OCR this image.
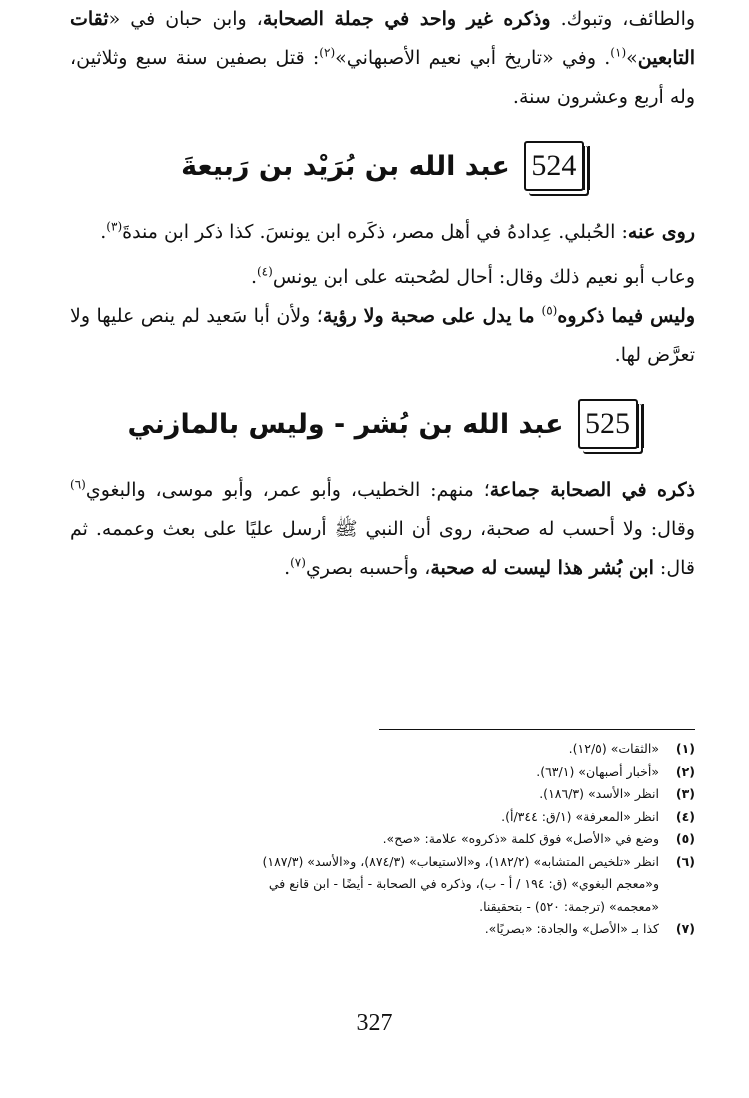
والطائف، وتبوك. وذكره غير واحد في جملة الصحابة، وابن حبان في «ثقات التابعين»$^{(١)}$. وفي «تاريخ أبي نعيم الأصبهاني»$^{(٢)}$: قتل بصفين سنة سبع وثلاثين، وله أربع وعشرون سنة.

524
عبد الله بن بُرَيْد بن رَبيعةَ

روى عنه: الحُبلي. عِدادهُ في أهل مصر، ذكَره ابن يونسَ. كذا ذكر ابن مندةَ$^{(٣)}$.

وعاب أبو نعيم ذلك وقال: أحال لصُحبته على ابن يونس$^{(٤)}$.

وليس فيما ذكروه$^{(٥)}$ ما يدل على صحبة ولا رؤية؛ ولأن أبا سَعيد لم ينص عليها ولا تعرَّض لها.

525
عبد الله بن بُشر - وليس بالمازني

ذكره في الصحابة جماعة؛ منهم: الخطيب، وأبو عمر، وأبو موسى، والبغوي$^{(٦)}$ وقال: ولا أحسب له صحبة، روى أن النبي ﷺ أرسل عليًا على بعث وعممه. ثم قال: ابن بُشر هذا ليست له صحبة، وأحسبه بصري$^{(٧)}$.

(١)
«الثقات» (١٢/٥).
(٢)
«أخبار أصبهان» (٦٣/١).
(٣)
انظر «الأسد» (١٨٦/٣).
(٤)
انظر «المعرفة» (١/ق: ٣٤٤/أ).
(٥)
وضع في «الأصل» فوق كلمة «ذكروه» علامة: «صح».
(٦)
انظر «تلخيص المتشابه» (١٨٢/٢)، و«الاستيعاب» (٨٧٤/٣)، و«الأسد» (١٨٧/٣)
و«معجم البغوي» (ق: ١٩٤ / أ - ب)، وذكره في الصحابة - أيضًا - ابن قانع في
«معجمه» (ترجمة: ٥٢٠) - بتحقيقنا.
(٧)
كذا بـ «الأصل» والجادة: «بصريًا».
327
